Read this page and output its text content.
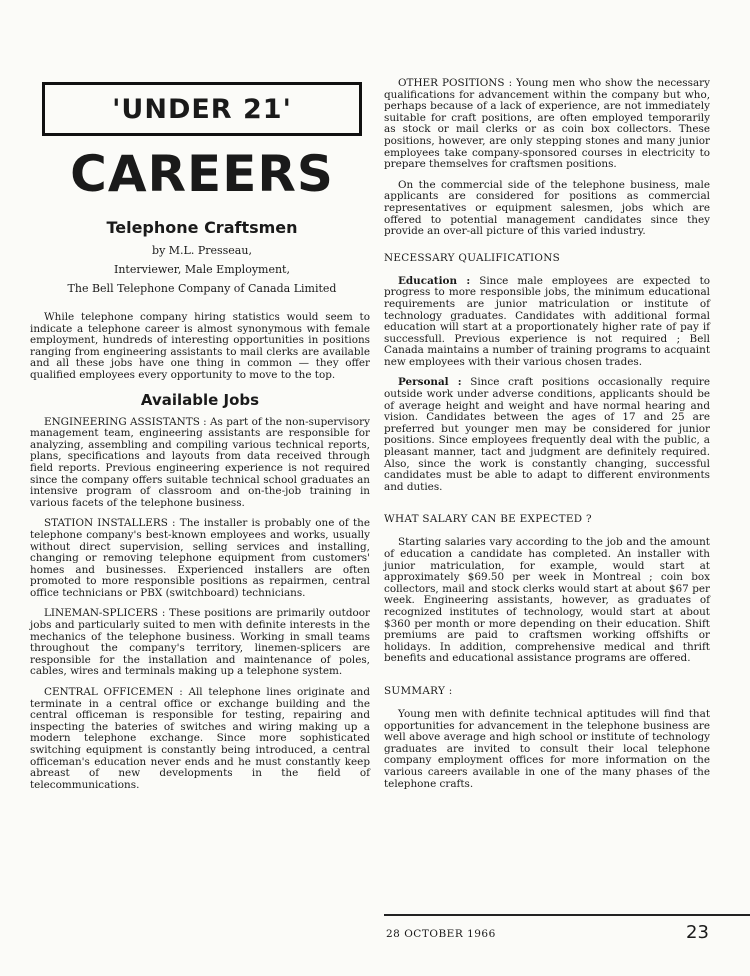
'UNDER 21'
CAREERS
Telephone Craftsmen
by M.L. Presseau,
Interviewer, Male Employment,
The Bell Telephone Company of Canada Limited

While telephone company hiring statistics would seem to indicate a telephone career is almost synonymous with female employment, hundreds of interesting opportunities in positions ranging from engineering assistants to mail clerks are available and all these jobs have one thing in common — they offer qualified employees every opportunity to move to the top.

Available Jobs

ENGINEERING ASSISTANTS : As part of the non-supervisory management team, engineering assistants are responsible for analyzing, assembling and compiling various technical reports, plans, specifications and layouts from data received through field reports. Previous engineering experience is not required since the company offers suitable technical school graduates an intensive program of classroom and on-the-job training in various facets of the telephone business.

STATION INSTALLERS : The installer is probably one of the telephone company's best-known employees and works, usually without direct supervision, selling services and installing, changing or removing telephone equipment from customers' homes and businesses. Experienced installers are often promoted to more responsible positions as repairmen, central office technicians or PBX (switchboard) technicians.

LINEMAN-SPLICERS : These positions are primarily outdoor jobs and particularly suited to men with definite interests in the mechanics of the telephone business. Working in small teams throughout the company's territory, linemen-splicers are responsible for the installation and maintenance of poles, cables, wires and terminals making up a telephone system.

CENTRAL OFFICEMEN : All telephone lines originate and terminate in a central office or exchange building and the central officeman is responsible for testing, repairing and inspecting the bateries of switches and wiring making up a modern telephone exchange. Since more sophisticated switching equipment is constantly being introduced, a central officeman's education never ends and he must constantly keep abreast of new developments in the field of telecommunications.

OTHER POSITIONS : Young men who show the necessary qualifications for advancement within the company but who, perhaps because of a lack of experience, are not immediately suitable for craft positions, are often employed temporarily as stock or mail clerks or as coin box collectors. These positions, however, are only stepping stones and many junior employees take company-sponsored courses in electricity to prepare themselves for craftsmen positions.

On the commercial side of the telephone business, male applicants are considered for positions as commercial representatives or equipment salesmen, jobs which are offered to potential management candidates since they provide an over-all picture of this varied industry.

NECESSARY QUALIFICATIONS

Education : Since male employees are expected to progress to more responsible jobs, the minimum educational requirements are junior matriculation or institute of technology graduates. Candidates with additional formal education will start at a proportionately higher rate of pay if successfull. Previous experience is not required ; Bell Canada maintains a number of training programs to acquaint new employees with their various chosen trades.

Personal : Since craft positions occasionally require outside work under adverse conditions, applicants should be of average height and weight and have normal hearing and vision. Candidates between the ages of 17 and 25 are preferred but younger men may be considered for junior positions. Since employees frequently deal with the public, a pleasant manner, tact and judgment are definitely required. Also, since the work is constantly changing, successful candidates must be able to adapt to different environments and duties.

WHAT SALARY CAN BE EXPECTED ?

Starting salaries vary according to the job and the amount of education a candidate has completed. An installer with junior matriculation, for example, would start at approximately $69.50 per week in Montreal ; coin box collectors, mail and stock clerks would start at about $67 per week. Engineering assistants, however, as graduates of recognized institutes of technology, would start at about $360 per month or more depending on their education. Shift premiums are paid to craftsmen working offshifts or holidays. In addition, comprehensive medical and thrift benefits and educational assistance programs are offered.

SUMMARY :

Young men with definite technical aptitudes will find that opportunities for advancement in the telephone business are well above average and high school or institute of technology graduates are invited to consult their local telephone company employment offices for more information on the various careers available in one of the many phases of the telephone crafts.

28 OCTOBER 1966	23
